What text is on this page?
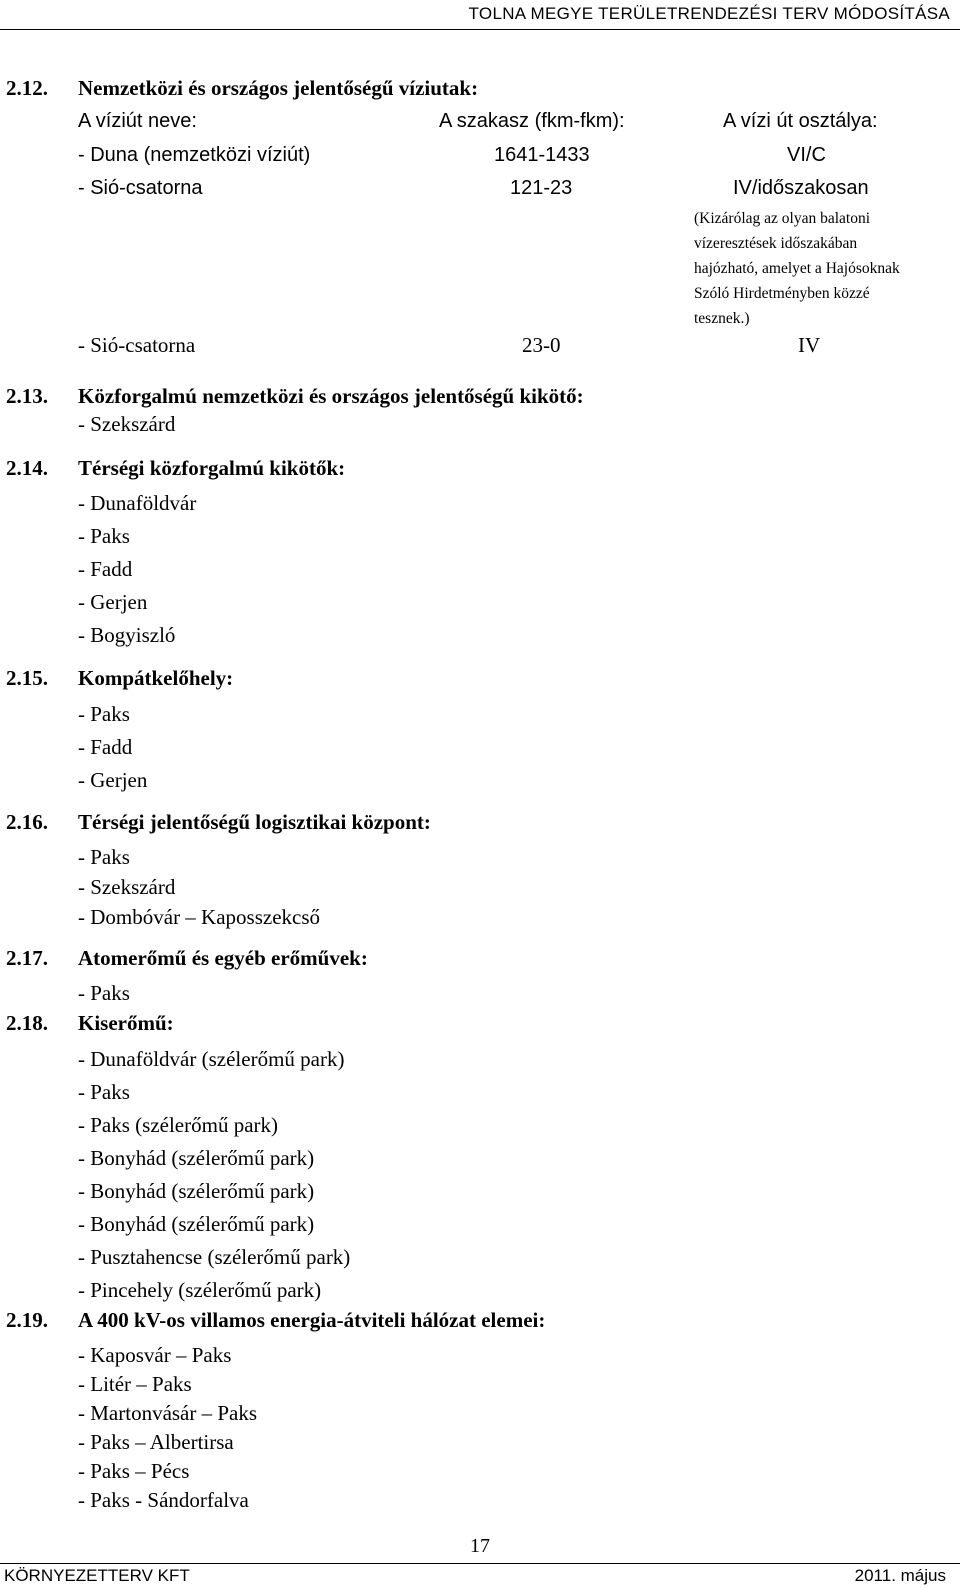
TOLNA MEGYE TERÜLETRENDEZÉSI TERV MÓDOSÍTÁSA
2.12. Nemzetközi és országos jelentőségű víziutak:
A víziút neve:	A szakasz (fkm-fkm):	A vízi út osztálya:
- Duna (nemzetközi víziút)	1641-1433	VI/C
- Sió-csatorna	121-23	IV/időszakosan
(Kizárólag az olyan balatoni
vízeresztések időszakában
hajózható, amelyet a Hajósoknak
Szóló Hirdetményben közzé
tesznek.)
- Sió-csatorna	23-0	IV
2.13. Közforgalmú nemzetközi és országos jelentőségű kikötő:
- Szekszárd
2.14. Térségi közforgalmú kikötők:
- Dunaföldvár
- Paks
- Fadd
- Gerjen
- Bogyiszló
2.15. Kompátkelőhely:
- Paks
- Fadd
- Gerjen
2.16. Térségi jelentőségű logisztikai központ:
- Paks
- Szekszárd
- Dombóvár – Kaposszekcső
2.17. Atomerőmű és egyéb erőművek:
- Paks
2.18. Kiserőmű:
- Dunaföldvár (szélerőmű park)
- Paks
- Paks (szélerőmű park)
- Bonyhád (szélerőmű park)
- Bonyhád (szélerőmű park)
- Bonyhád (szélerőmű park)
- Pusztahencse (szélerőmű park)
- Pincehely (szélerőmű park)
2.19. A 400 kV-os villamos energia-átviteli hálózat elemei:
- Kaposvár – Paks
- Litér – Paks
- Martonvásár – Paks
- Paks – Albertirsa
- Paks – Pécs
- Paks - Sándorfalva
17
KÖRNYEZETTERV KFT	2011. május
